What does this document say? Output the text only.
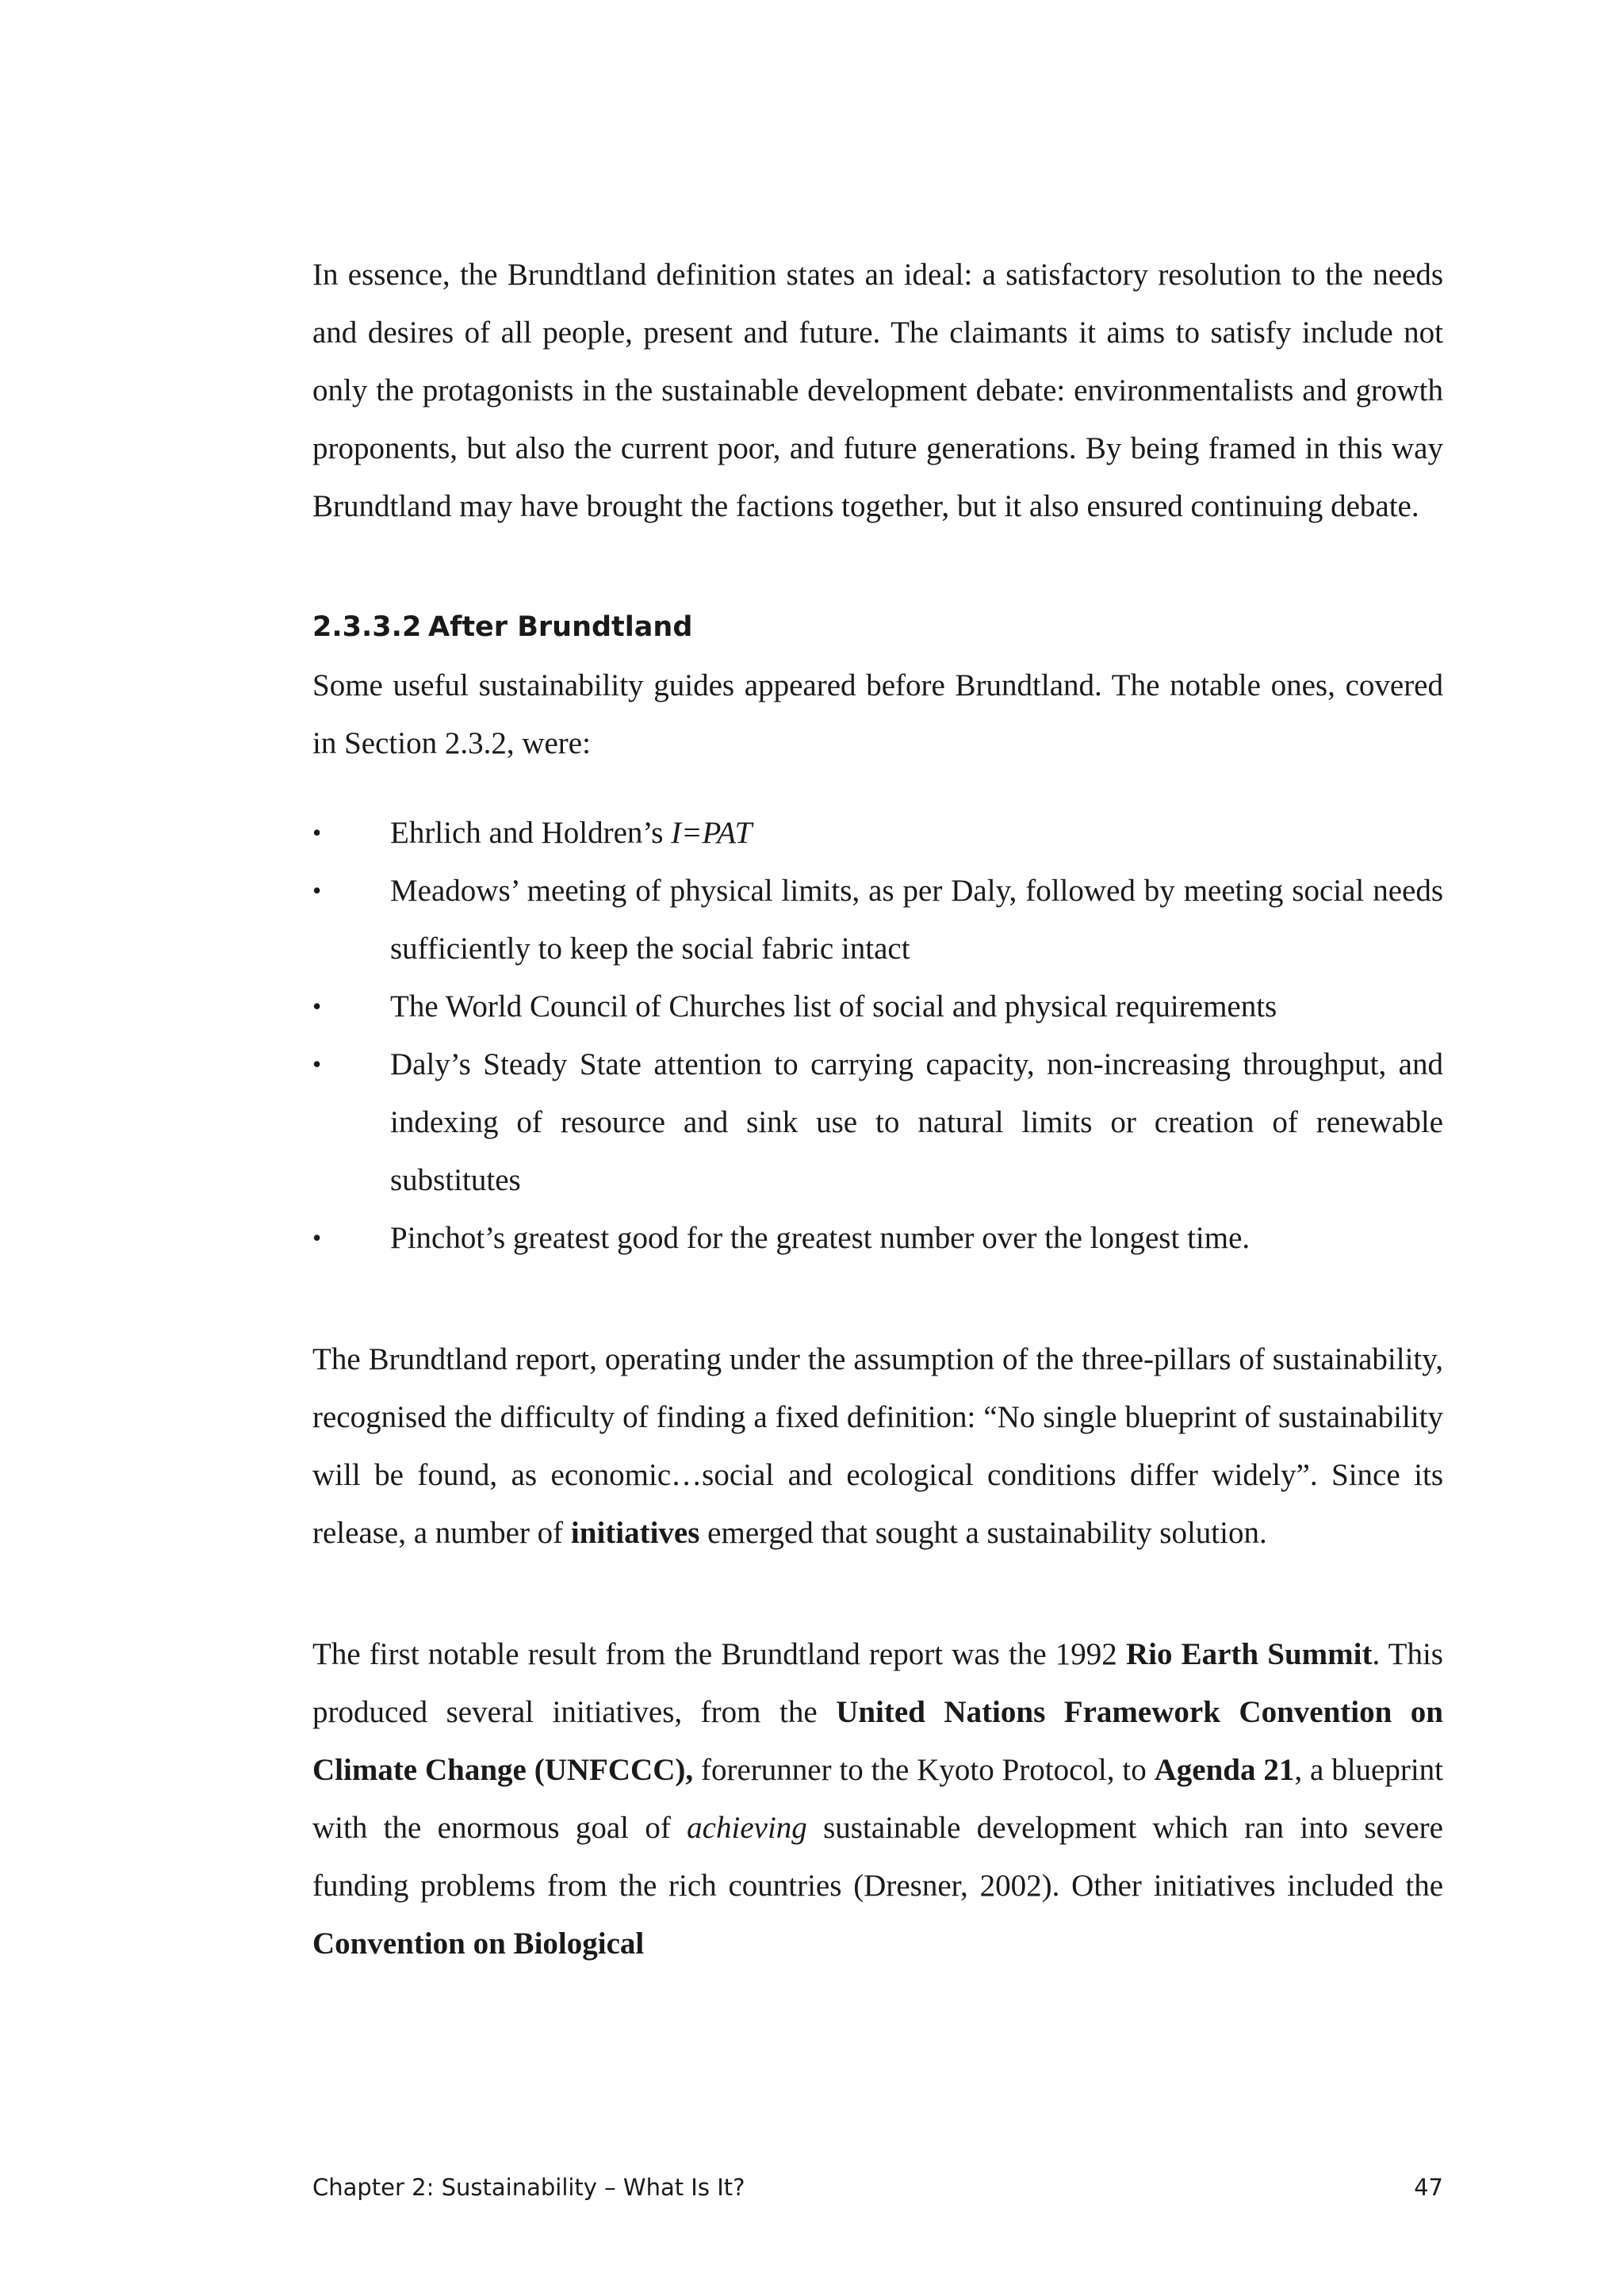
In essence, the Brundtland definition states an ideal: a satisfactory resolution to the needs and desires of all people, present and future. The claimants it aims to satisfy include not only the protagonists in the sustainable development debate: environmentalists and growth proponents, but also the current poor, and future generations. By being framed in this way Brundtland may have brought the factions together, but it also ensured continuing debate.

2.3.3.2 After Brundtland

Some useful sustainability guides appeared before Brundtland. The notable ones, covered in Section 2.3.2, were:

• Ehrlich and Holdren’s I=PAT
• Meadows’ meeting of physical limits, as per Daly, followed by meeting social needs sufficiently to keep the social fabric intact
• The World Council of Churches list of social and physical requirements
• Daly’s Steady State attention to carrying capacity, non-increasing throughput, and indexing of resource and sink use to natural limits or creation of renewable substitutes
• Pinchot’s greatest good for the greatest number over the longest time.

The Brundtland report, operating under the assumption of the three-pillars of sustainability, recognised the difficulty of finding a fixed definition: “No single blueprint of sustainability will be found, as economic…social and ecological conditions differ widely”. Since its release, a number of initiatives emerged that sought a sustainability solution.

The first notable result from the Brundtland report was the 1992 Rio Earth Summit. This produced several initiatives, from the United Nations Framework Convention on Climate Change (UNFCCC), forerunner to the Kyoto Protocol, to Agenda 21, a blueprint with the enormous goal of achieving sustainable development which ran into severe funding problems from the rich countries (Dresner, 2002). Other initiatives included the Convention on Biological

Chapter 2: Sustainability – What Is It?	47
